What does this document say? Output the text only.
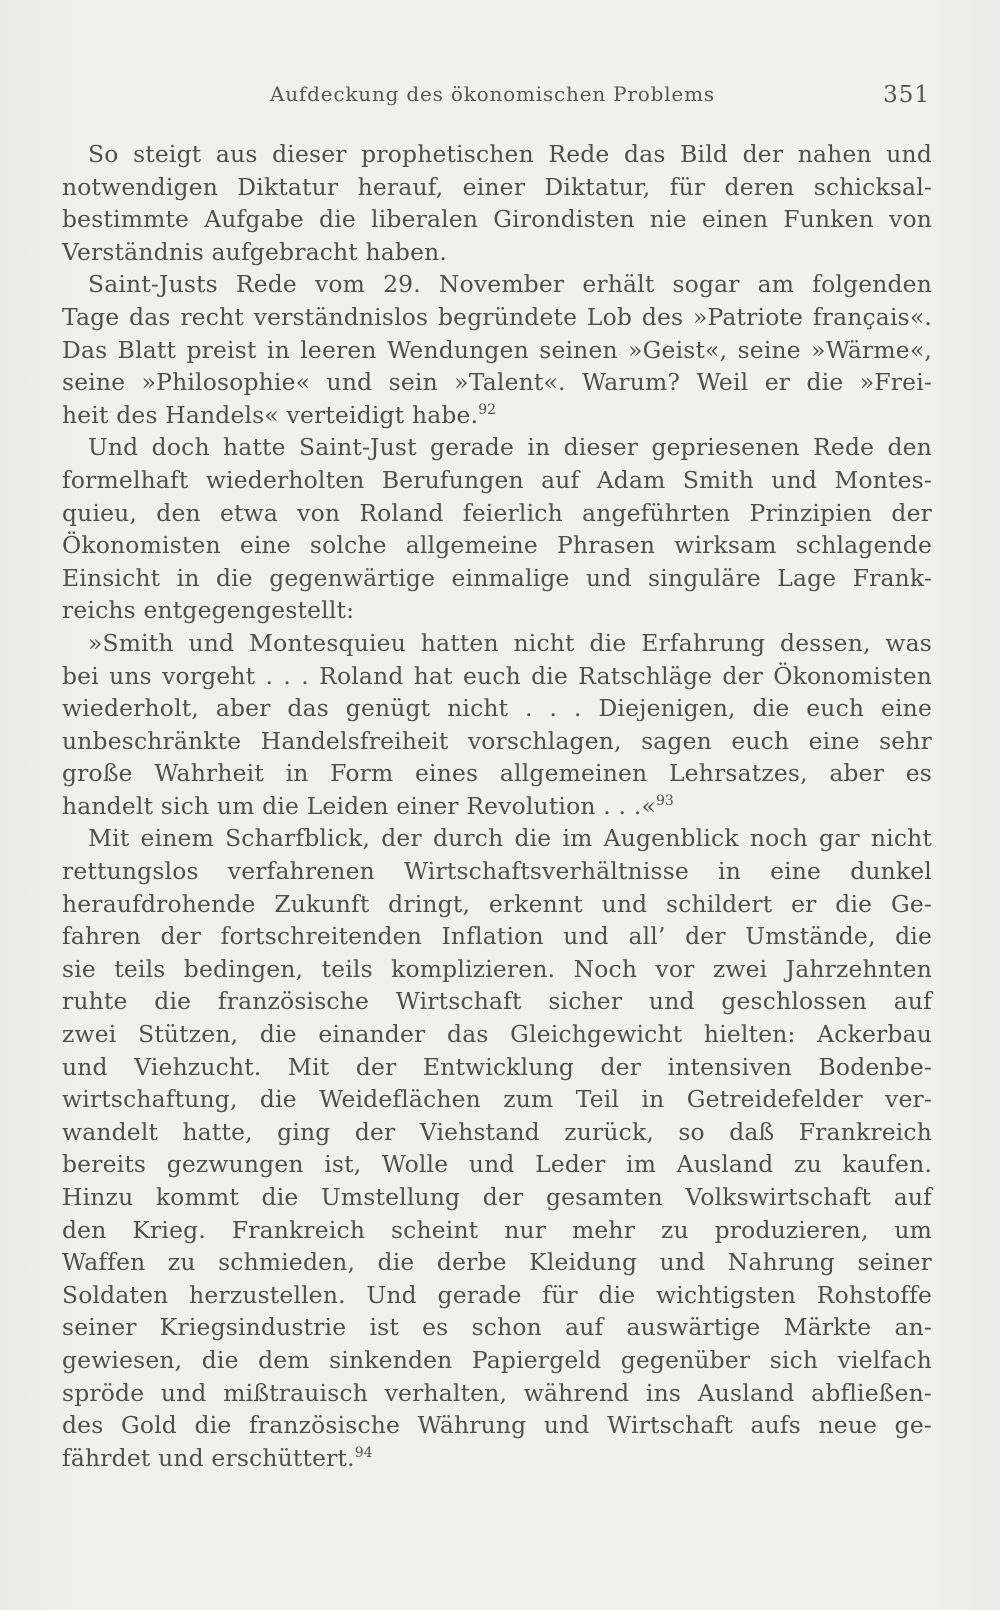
Aufdeckung des ökonomischen Problems	351
So steigt aus dieser prophetischen Rede das Bild der nahen und
notwendigen Diktatur herauf, einer Diktatur, für deren schicksal-
bestimmte Aufgabe die liberalen Girondisten nie einen Funken von
Verständnis aufgebracht haben.
Saint-Justs Rede vom 29. November erhält sogar am folgenden
Tage das recht verständnislos begründete Lob des »Patriote français«.
Das Blatt preist in leeren Wendungen seinen »Geist«, seine »Wärme«,
seine »Philosophie« und sein »Talent«. Warum? Weil er die »Frei-
heit des Handels« verteidigt habe.$^{92}$
Und doch hatte Saint-Just gerade in dieser gepriesenen Rede den
formelhaft wiederholten Berufungen auf Adam Smith und Montes-
quieu, den etwa von Roland feierlich angeführten Prinzipien der
Ökonomisten eine solche allgemeine Phrasen wirksam schlagende
Einsicht in die gegenwärtige einmalige und singuläre Lage Frank-
reichs entgegengestellt:
»Smith und Montesquieu hatten nicht die Erfahrung dessen, was
bei uns vorgeht . . . Roland hat euch die Ratschläge der Ökonomisten
wiederholt, aber das genügt nicht . . . Diejenigen, die euch eine
unbeschränkte Handelsfreiheit vorschlagen, sagen euch eine sehr
große Wahrheit in Form eines allgemeinen Lehrsatzes, aber es
handelt sich um die Leiden einer Revolution . . .«$^{93}$
Mit einem Scharfblick, der durch die im Augenblick noch gar nicht
rettungslos verfahrenen Wirtschaftsverhältnisse in eine dunkel
heraufdrohende Zukunft dringt, erkennt und schildert er die Ge-
fahren der fortschreitenden Inflation und all’ der Umstände, die
sie teils bedingen, teils komplizieren. Noch vor zwei Jahrzehnten
ruhte die französische Wirtschaft sicher und geschlossen auf
zwei Stützen, die einander das Gleichgewicht hielten: Ackerbau
und Viehzucht. Mit der Entwicklung der intensiven Bodenbe-
wirtschaftung, die Weideflächen zum Teil in Getreidefelder ver-
wandelt hatte, ging der Viehstand zurück, so daß Frankreich
bereits gezwungen ist, Wolle und Leder im Ausland zu kaufen.
Hinzu kommt die Umstellung der gesamten Volkswirtschaft auf
den Krieg. Frankreich scheint nur mehr zu produzieren, um
Waffen zu schmieden, die derbe Kleidung und Nahrung seiner
Soldaten herzustellen. Und gerade für die wichtigsten Rohstoffe
seiner Kriegsindustrie ist es schon auf auswärtige Märkte an-
gewiesen, die dem sinkenden Papiergeld gegenüber sich vielfach
spröde und mißtrauisch verhalten, während ins Ausland abfließen-
des Gold die französische Währung und Wirtschaft aufs neue ge-
fährdet und erschüttert.$^{94}$
